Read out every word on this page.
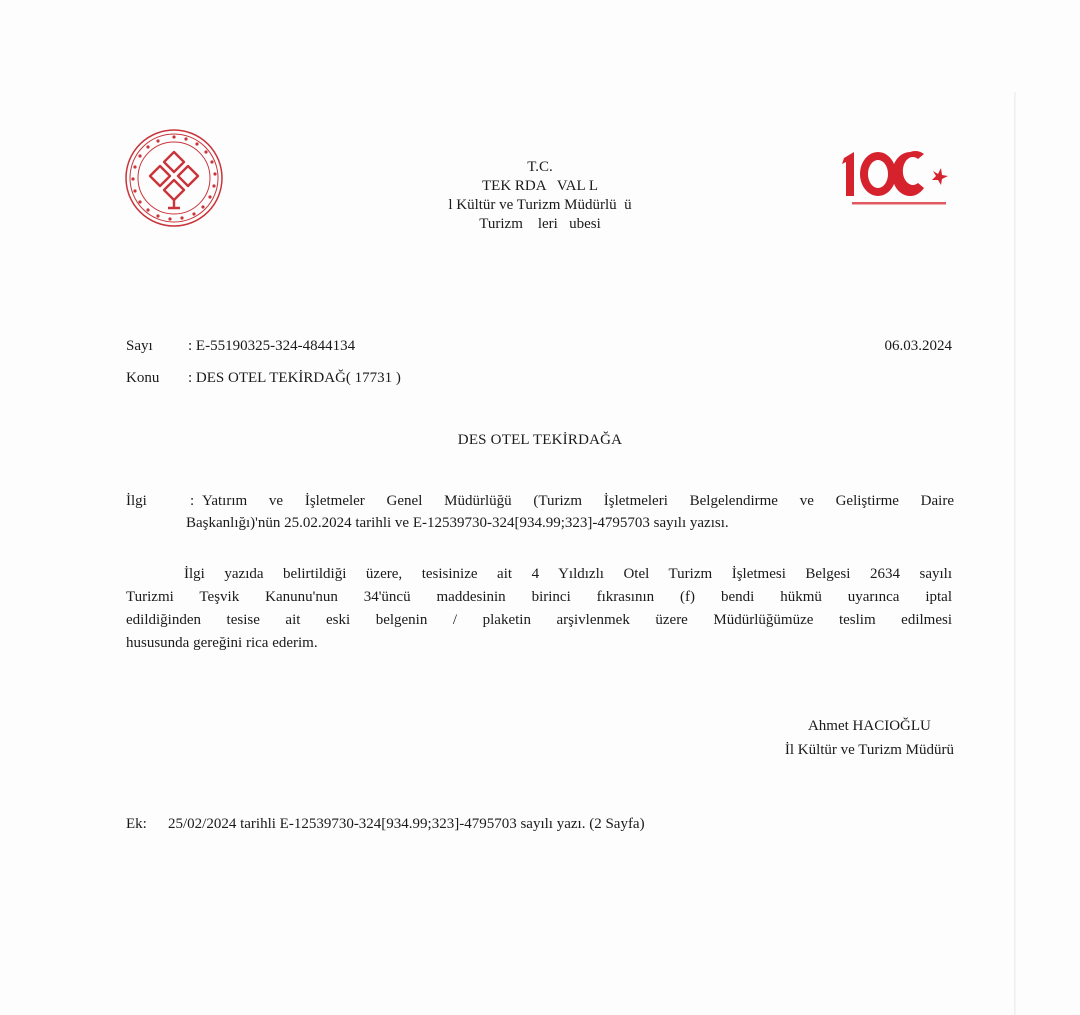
T.C.
TEK RDA   VAL L
l Kültür ve Turizm Müdürlü  ü
Turizm    leri   ubesi
Sayı : E-55190325-324-4844134	06.03.2024
Konu : DES OTEL TEKİRDAĞ( 17731 )
DES OTEL TEKİRDAĞA
İlgi	: Yatırım ve İşletmeler Genel Müdürlüğü (Turizm İşletmeleri Belgelendirme ve Geliştirme Daire
Başkanlığı)'nün 25.02.2024 tarihli ve E-12539730-324[934.99;323]-4795703 sayılı yazısı.
İlgi yazıda belirtildiği üzere, tesisinize ait 4 Yıldızlı Otel Turizm İşletmesi Belgesi 2634 sayılı
Turizmi Teşvik Kanunu'nun 34'üncü maddesinin birinci fıkrasının (f) bendi hükmü uyarınca iptal
edildiğinden tesise ait eski belgenin / plaketin arşivlenmek üzere Müdürlüğümüze teslim edilmesi
hususunda gereğini rica ederim.
Ahmet HACIOĞLU
İl Kültür ve Turizm Müdürü
Ek: 25/02/2024 tarihli E-12539730-324[934.99;323]-4795703 sayılı yazı. (2 Sayfa)
